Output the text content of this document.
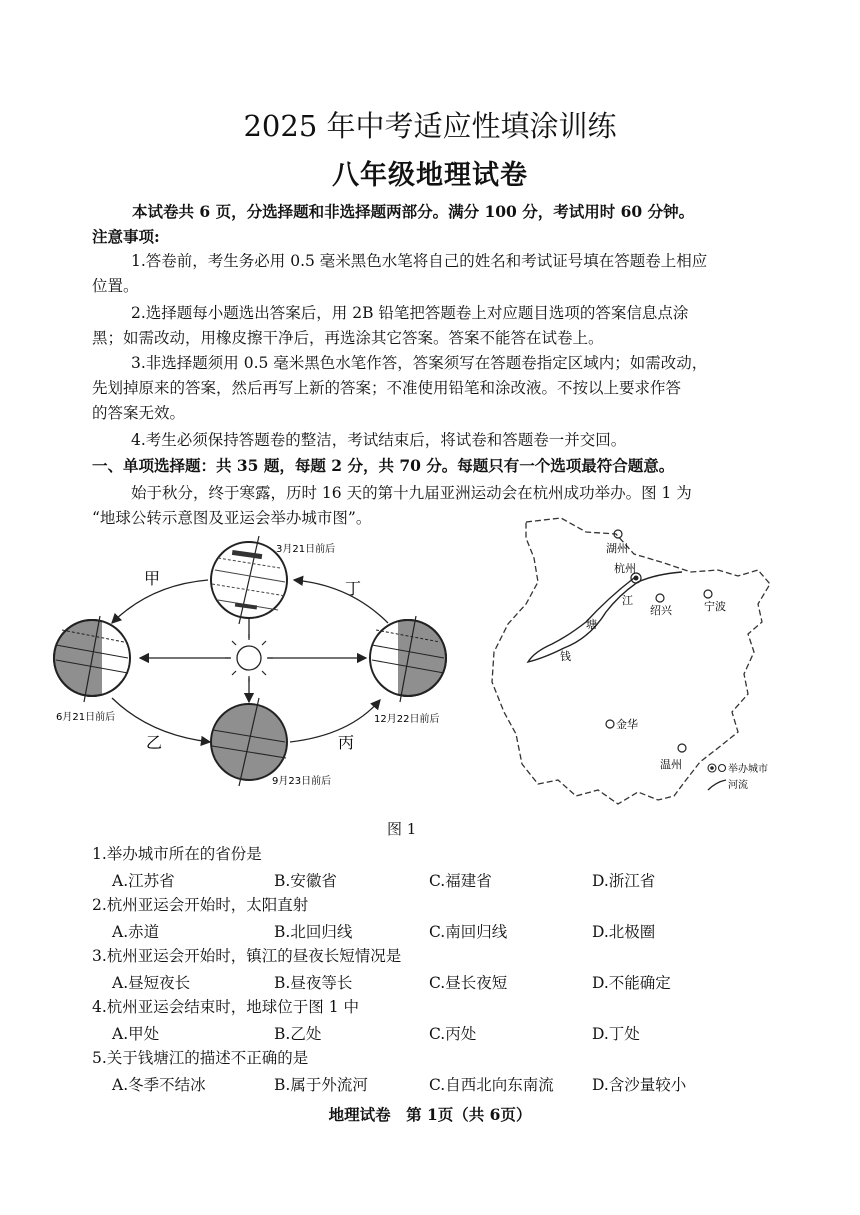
2025 年中考适应性填涂训练
八年级地理试卷
本试卷共 6 页，分选择题和非选择题两部分。满分 100 分，考试用时 60 分钟。
注意事项:
1.答卷前，考生务必用 0.5 毫米黑色水笔将自己的姓名和考试证号填在答题卷上相应
位置。
2.选择题每小题选出答案后，用 2B 铅笔把答题卷上对应题目选项的答案信息点涂
黑；如需改动，用橡皮擦干净后，再选涂其它答案。答案不能答在试卷上。
3.非选择题须用 0.5 毫米黑色水笔作答，答案须写在答题卷指定区域内；如需改动，
先划掉原来的答案，然后再写上新的答案；不准使用铅笔和涂改液。不按以上要求作答
的答案无效。
4.考生必须保持答题卷的整洁，考试结束后，将试卷和答题卷一并交回。
一、单项选择题：共 35 题，每题 2 分，共 70 分。每题只有一个选项最符合题意。
始于秋分，终于寒露，历时 16 天的第十九届亚洲运动会在杭州成功举办。图 1 为
“地球公转示意图及亚运会举办城市图”。
甲
乙	丙
丁
3月21日前后
6月21日前后	12月22日前后
9月23日前后
湖州
杭州
绍兴	宁波
金华
温州
江
塘
钱
举办城市
河流
图 1
1.举办城市所在的省份是
A.江苏省	B.安徽省	C.福建省	D.浙江省
2.杭州亚运会开始时，太阳直射
A.赤道	B.北回归线	C.南回归线	D.北极圈
3.杭州亚运会开始时，镇江的昼夜长短情况是
A.昼短夜长	B.昼夜等长	C.昼长夜短	D.不能确定
4.杭州亚运会结束时，地球位于图 1 中
A.甲处	B.乙处	C.丙处	D.丁处
5.关于钱塘江的描述不正确的是
A.冬季不结冰	B.属于外流河	C.自西北向东南流 D.含沙量较小
地理试卷　第 1页（共 6页）
